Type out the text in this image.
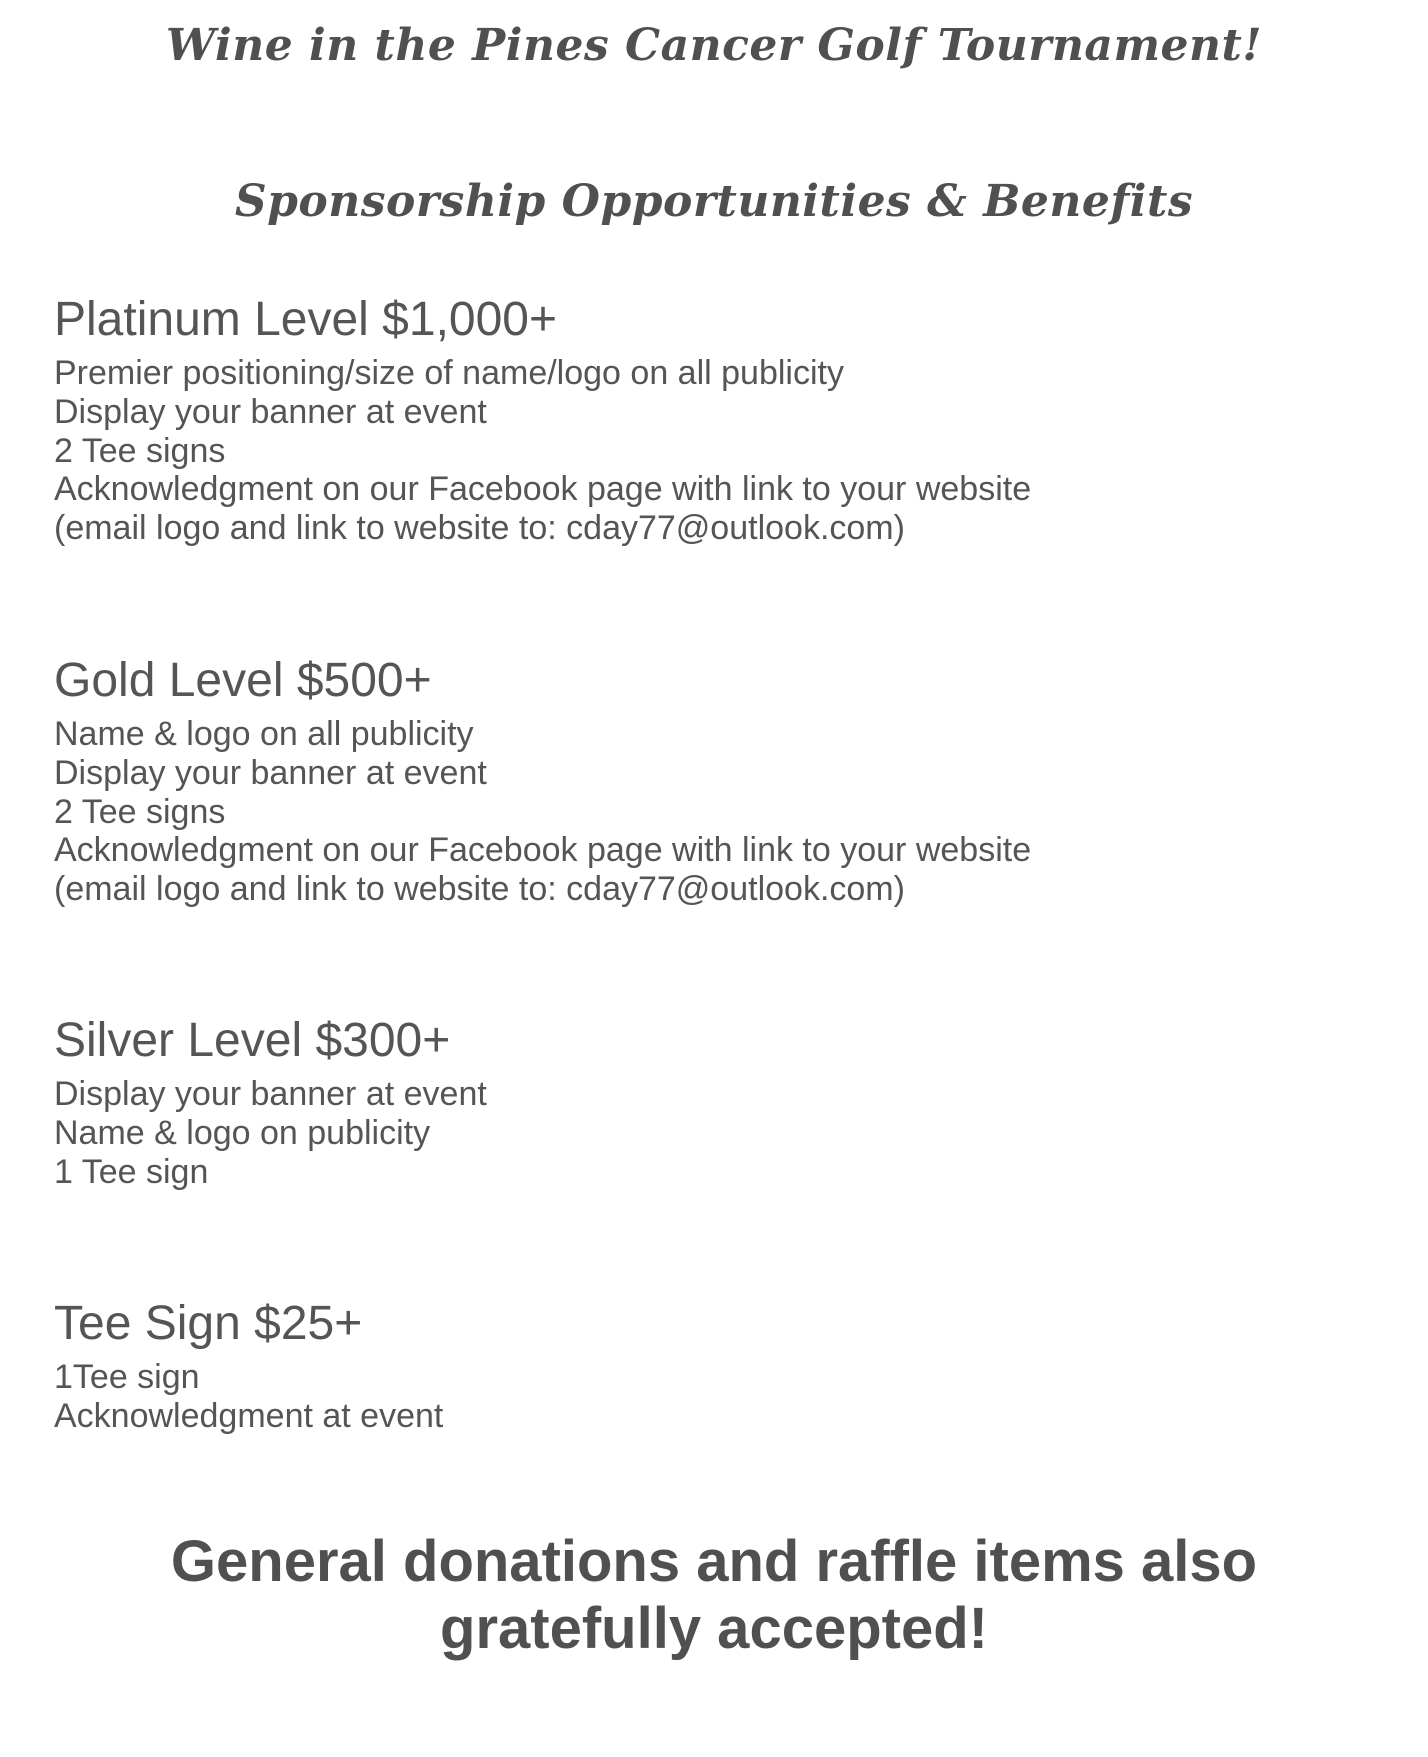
Wine in the Pines Cancer Golf Tournament!
Sponsorship Opportunities & Benefits
Platinum Level $1,000+
Premier positioning/size of name/logo on all publicity
Display your banner at event
2 Tee signs
Acknowledgment on our Facebook page with link to your website
(email logo and link to website to: cday77@outlook.com)
Gold Level $500+
Name & logo on all publicity
Display your banner at event
2 Tee signs
Acknowledgment on our Facebook page with link to your website
(email logo and link to website to: cday77@outlook.com)
Silver Level $300+
Display your banner at event
Name & logo on publicity
1 Tee sign
Tee Sign $25+
1Tee sign
Acknowledgment at event

General donations and raffle items also
gratefully accepted!
